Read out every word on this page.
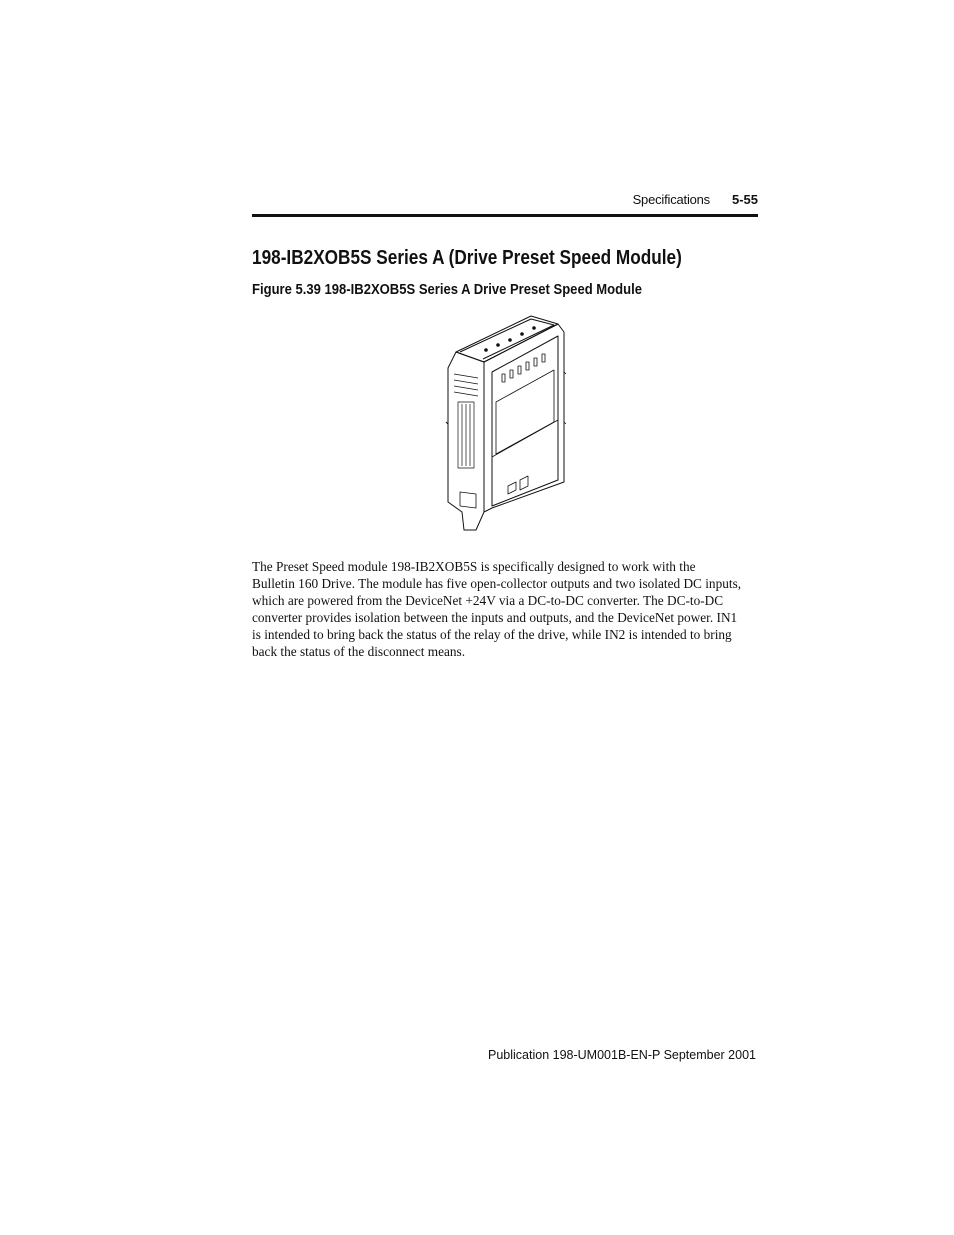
Specifications	5-55
198-IB2XOB5S Series A (Drive Preset Speed Module)

Figure 5.39 198-IB2XOB5S Series A Drive Preset Speed Module

The Preset Speed module 198-IB2XOB5S is specifically designed to work with the
Bulletin 160 Drive. The module has five open-collector outputs and two isolated DC inputs,
which are powered from the DeviceNet +24V via a DC-to-DC converter. The DC-to-DC
converter provides isolation between the inputs and outputs, and the DeviceNet power. IN1
is intended to bring back the status of the relay of the drive, while IN2 is intended to bring
back the status of the disconnect means.

Publication 198-UM001B-EN-P September 2001
